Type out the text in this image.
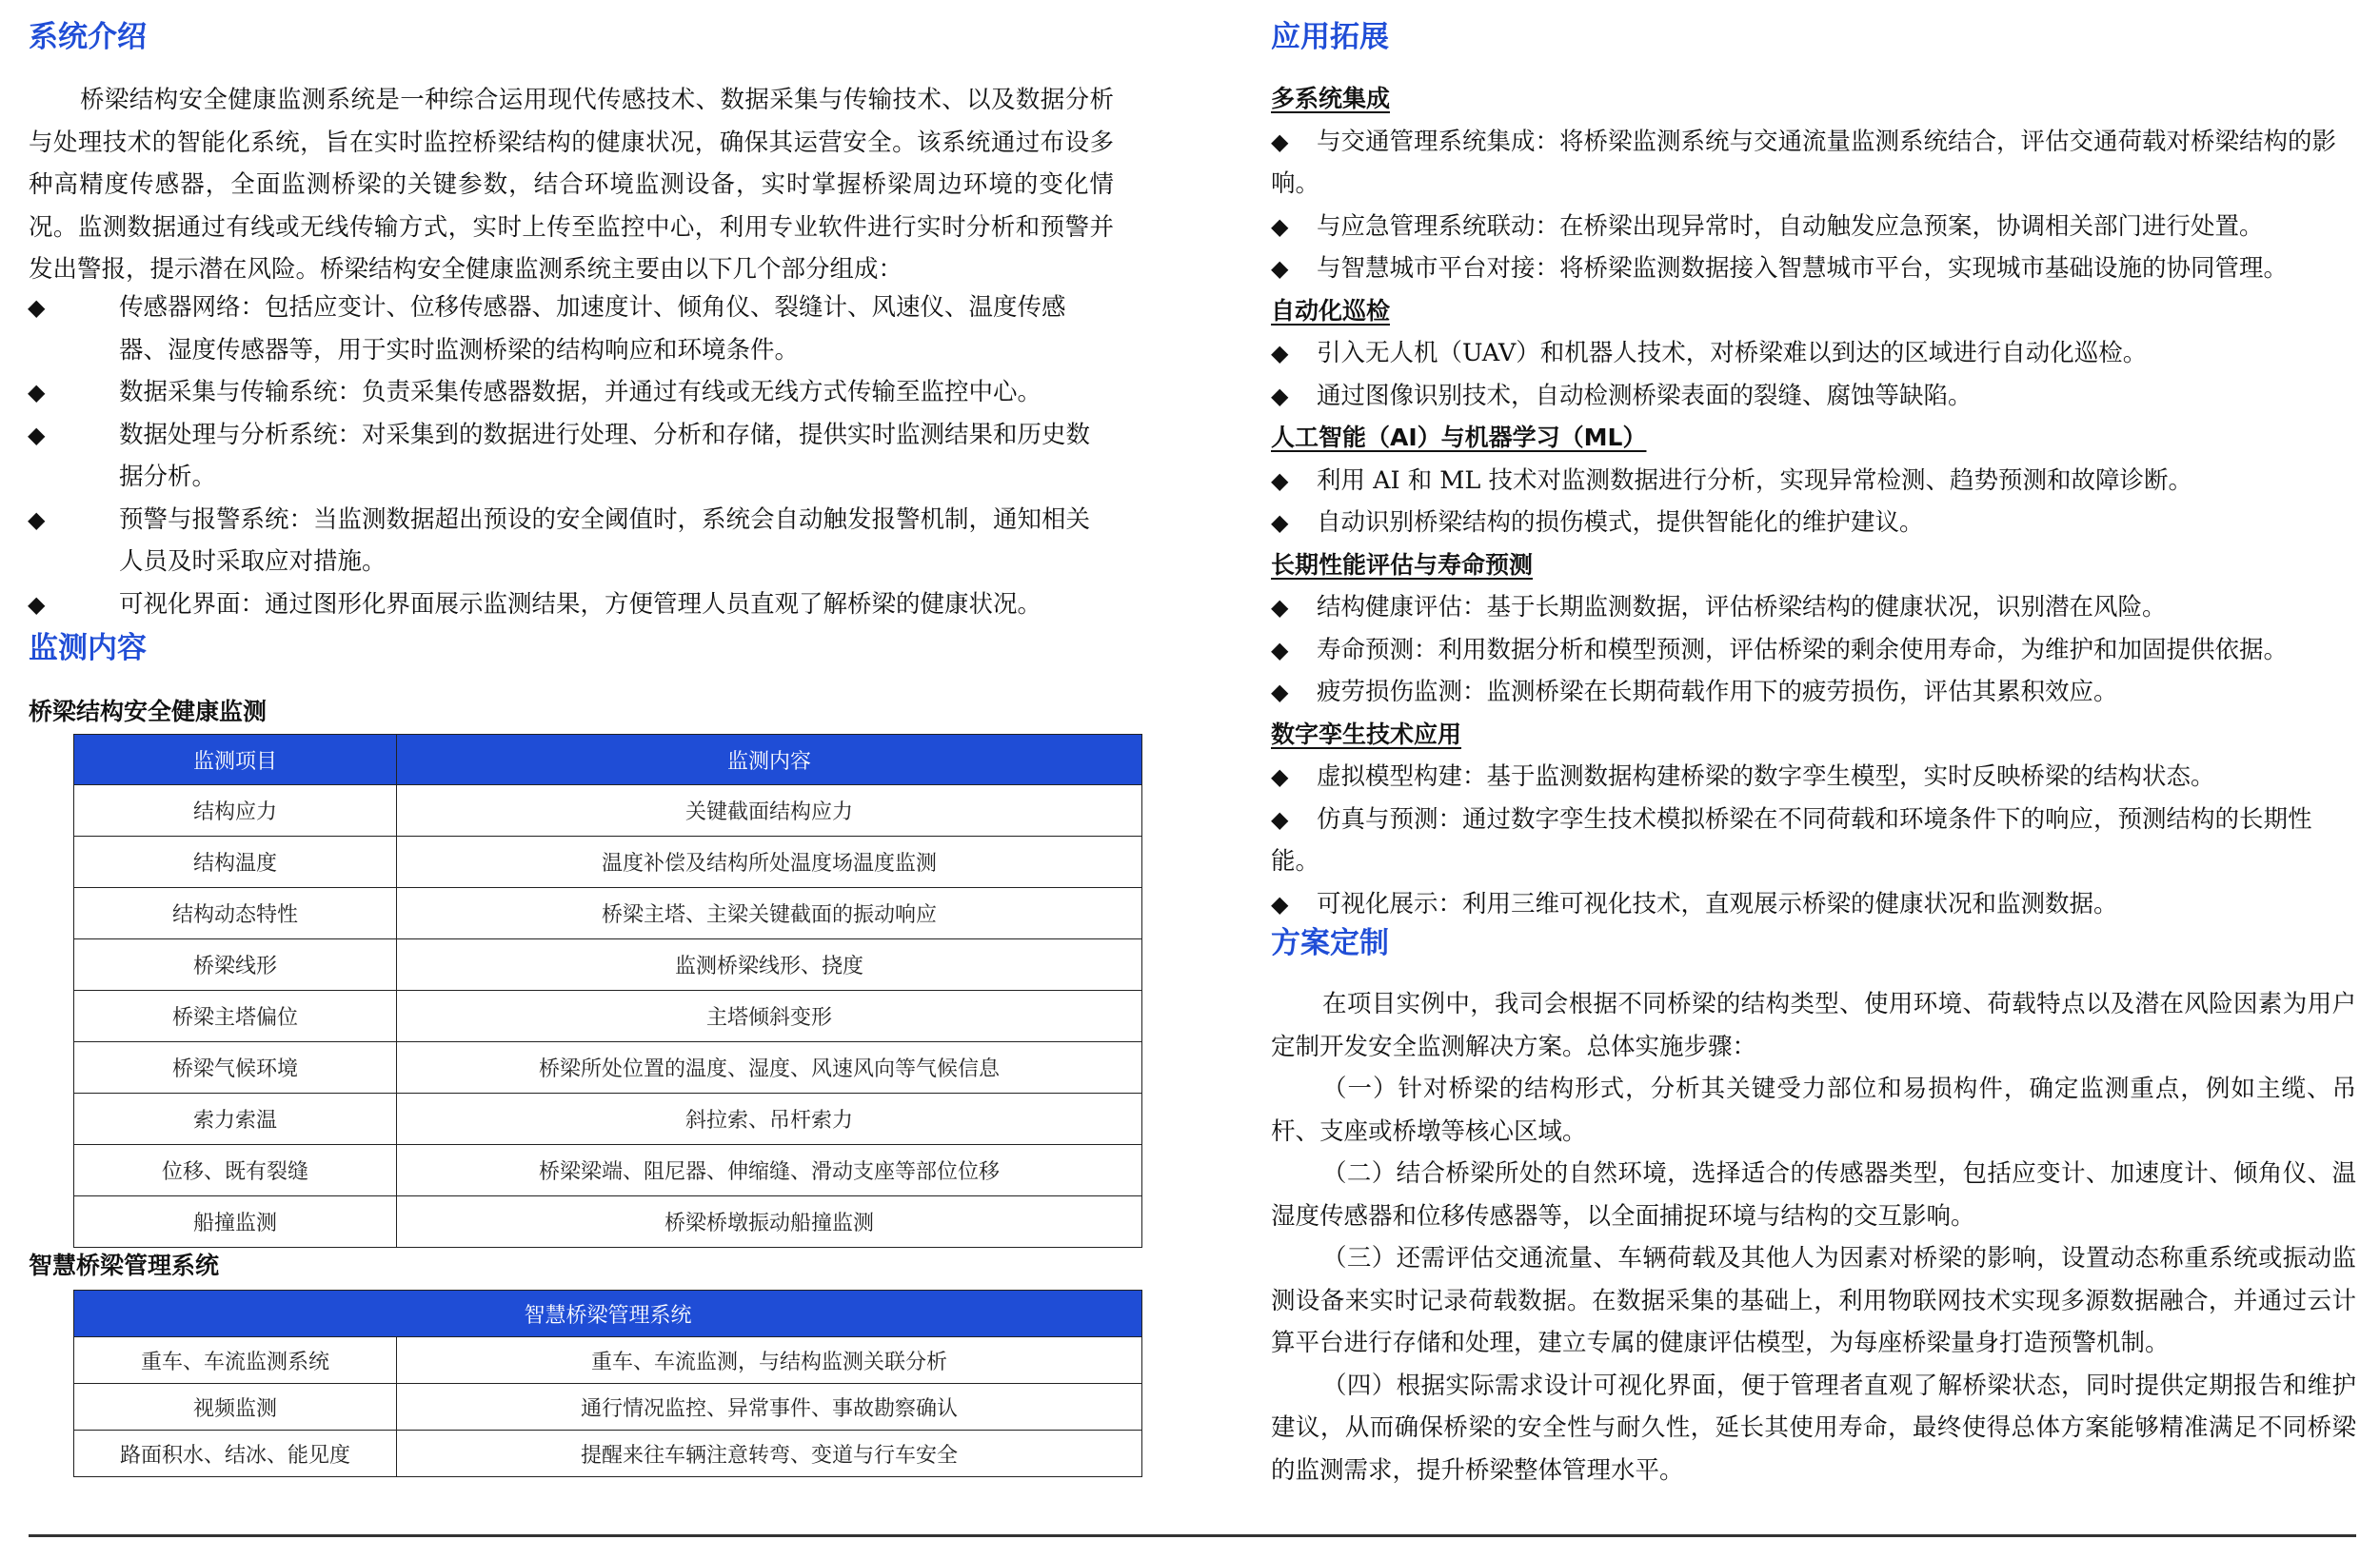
系统介绍

桥梁结构安全健康监测系统是一种综合运用现代传感技术、数据采集与传输技术、以及数据分析与处理技术的智能化系统，旨在实时监控桥梁结构的健康状况，确保其运营安全。该系统通过布设多种高精度传感器，全面监测桥梁的关键参数，结合环境监测设备，实时掌握桥梁周边环境的变化情况。监测数据通过有线或无线传输方式，实时上传至监控中心，利用专业软件进行实时分析和预警并发出警报，提示潜在风险。桥梁结构安全健康监测系统主要由以下几个部分组成：

◆	传感器网络：包括应变计、位移传感器、加速度计、倾角仪、裂缝计、风速仪、温度传感器、湿度传感器等，用于实时监测桥梁的结构响应和环境条件。

◆	数据采集与传输系统：负责采集传感器数据，并通过有线或无线方式传输至监控中心。

◆	数据处理与分析系统：对采集到的数据进行处理、分析和存储，提供实时监测结果和历史数据分析。

◆	预警与报警系统：当监测数据超出预设的安全阈值时，系统会自动触发报警机制，通知相关人员及时采取应对措施。

◆	可视化界面：通过图形化界面展示监测结果，方便管理人员直观了解桥梁的健康状况。

监测内容

桥梁结构安全健康监测

监测项目	监测内容
结构应力	关键截面结构应力
结构温度	温度补偿及结构所处温度场温度监测
结构动态特性	桥梁主塔、主梁关键截面的振动响应
桥梁线形	监测桥梁线形、挠度
桥梁主塔偏位	主塔倾斜变形
桥梁气候环境	桥梁所处位置的温度、湿度、风速风向等气候信息
索力索温	斜拉索、吊杆索力
位移、既有裂缝	桥梁梁端、阻尼器、伸缩缝、滑动支座等部位位移
船撞监测	桥梁桥墩振动船撞监测

智慧桥梁管理系统

智慧桥梁管理系统	
重车、车流监测系统	重车、车流监测，与结构监测关联分析
视频监测	通行情况监控、异常事件、事故勘察确认
路面积水、结冰、能见度	提醒来往车辆注意转弯、变道与行车安全
应用拓展

多系统集成

◆ 与交通管理系统集成：将桥梁监测系统与交通流量监测系统结合，评估交通荷载对桥梁结构的影响。

◆ 与应急管理系统联动：在桥梁出现异常时，自动触发应急预案，协调相关部门进行处置。

◆ 与智慧城市平台对接：将桥梁监测数据接入智慧城市平台，实现城市基础设施的协同管理。

自动化巡检

◆ 引入无人机（UAV）和机器人技术，对桥梁难以到达的区域进行自动化巡检。

◆ 通过图像识别技术，自动检测桥梁表面的裂缝、腐蚀等缺陷。

人工智能（AI）与机器学习（ML）

◆ 利用 AI 和 ML 技术对监测数据进行分析，实现异常检测、趋势预测和故障诊断。

◆ 自动识别桥梁结构的损伤模式，提供智能化的维护建议。

长期性能评估与寿命预测

◆ 结构健康评估：基于长期监测数据，评估桥梁结构的健康状况，识别潜在风险。

◆ 寿命预测：利用数据分析和模型预测，评估桥梁的剩余使用寿命，为维护和加固提供依据。

◆ 疲劳损伤监测：监测桥梁在长期荷载作用下的疲劳损伤，评估其累积效应。

数字孪生技术应用

◆ 虚拟模型构建：基于监测数据构建桥梁的数字孪生模型，实时反映桥梁的结构状态。

◆ 仿真与预测：通过数字孪生技术模拟桥梁在不同荷载和环境条件下的响应，预测结构的长期性能。

◆ 可视化展示：利用三维可视化技术，直观展示桥梁的健康状况和监测数据。

方案定制

在项目实例中，我司会根据不同桥梁的结构类型、使用环境、荷载特点以及潜在风险因素为用户定制开发安全监测解决方案。总体实施步骤：

（一）针对桥梁的结构形式，分析其关键受力部位和易损构件，确定监测重点，例如主缆、吊杆、支座或桥墩等核心区域。

（二）结合桥梁所处的自然环境，选择适合的传感器类型，包括应变计、加速度计、倾角仪、温湿度传感器和位移传感器等，以全面捕捉环境与结构的交互影响。

（三）还需评估交通流量、车辆荷载及其他人为因素对桥梁的影响，设置动态称重系统或振动监测设备来实时记录荷载数据。在数据采集的基础上，利用物联网技术实现多源数据融合，并通过云计算平台进行存储和处理，建立专属的健康评估模型，为每座桥梁量身打造预警机制。

（四）根据实际需求设计可视化界面，便于管理者直观了解桥梁状态，同时提供定期报告和维护建议，从而确保桥梁的安全性与耐久性，延长其使用寿命，最终使得总体方案能够精准满足不同桥梁的监测需求，提升桥梁整体管理水平。
